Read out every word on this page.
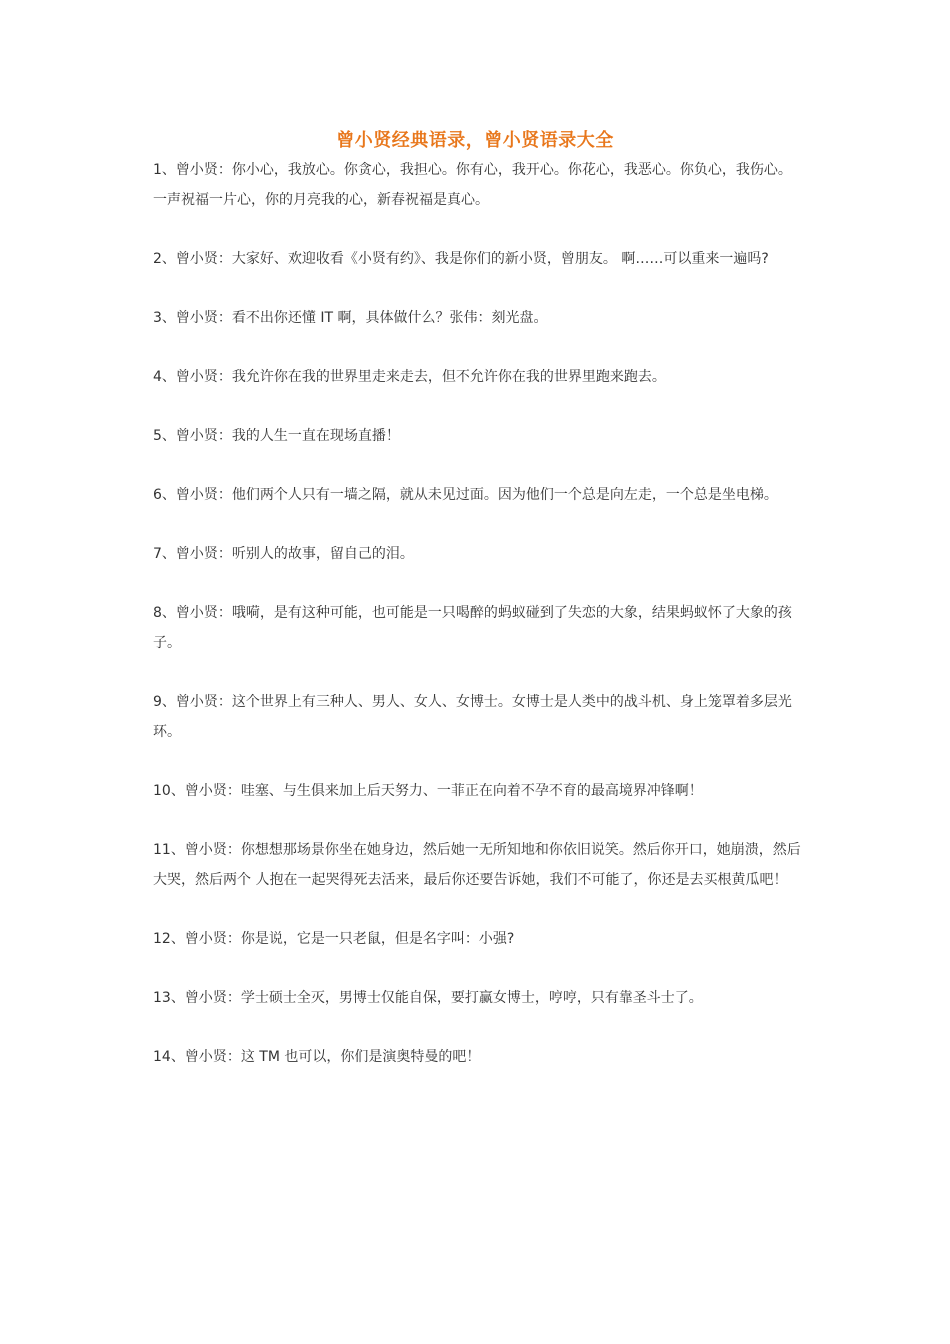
曾小贤经典语录，曾小贤语录大全

1、曾小贤：你小心，我放心。你贪心，我担心。你有心，我开心。你花心，我恶心。你负心，我伤心。一声祝福一片心，你的月亮我的心，新春祝福是真心。

2、曾小贤：大家好、欢迎收看《小贤有约》、我是你们的新小贤，曾朋友。 啊……可以重来一遍吗?

3、曾小贤：看不出你还懂 IT 啊，具体做什么？张伟：刻光盘。

4、曾小贤：我允许你在我的世界里走来走去，但不允许你在我的世界里跑来跑去。

5、曾小贤：我的人生一直在现场直播！

6、曾小贤：他们两个人只有一墙之隔，就从未见过面。因为他们一个总是向左走，一个总是坐电梯。

7、曾小贤：听别人的故事，留自己的泪。

8、曾小贤：哦嗬，是有这种可能，也可能是一只喝醉的蚂蚁碰到了失恋的大象，结果蚂蚁怀了大象的孩子。

9、曾小贤：这个世界上有三种人、男人、女人、女博士。女博士是人类中的战斗机、身上笼罩着多层光环。

10、曾小贤：哇塞、与生俱来加上后天努力、一菲正在向着不孕不育的最高境界冲锋啊！

11、曾小贤：你想想那场景你坐在她身边，然后她一无所知地和你依旧说笑。然后你开口，她崩溃，然后大哭，然后两个 人抱在一起哭得死去活来，最后你还要告诉她，我们不可能了，你还是去买根黄瓜吧！

12、曾小贤：你是说，它是一只老鼠，但是名字叫：小强?

13、曾小贤：学士硕士全灭，男博士仅能自保，要打赢女博士，哼哼，只有靠圣斗士了。

14、曾小贤：这 TM 也可以，你们是演奥特曼的吧！
